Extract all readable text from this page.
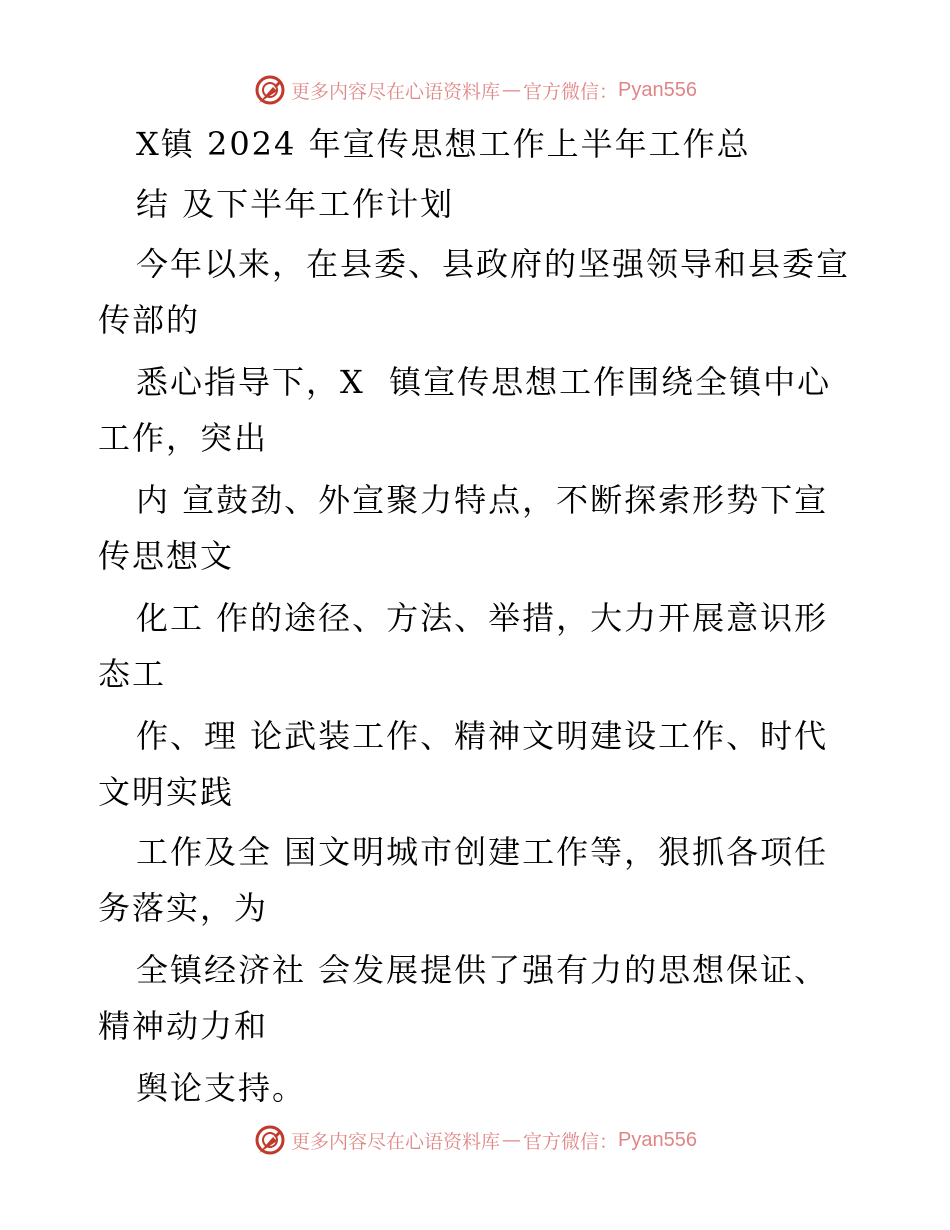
更多内容尽在心语资料库 — 官方微信： Pyan556
X镇 2024 年宣传思想工作上半年工作总
结 及下半年工作计划
今年以来，在县委、县政府的坚强领导和县委宣
传部的
悉心指导下，X  镇宣传思想工作围绕全镇中心
工作，突出
内 宣鼓劲、外宣聚力特点，不断探索形势下宣
传思想文
化工 作的途径、方法、举措，大力开展意识形
态工
作、理 论武装工作、精神文明建设工作、时代
文明实践
工作及全 国文明城市创建工作等，狠抓各项任
务落实，为
全镇经济社 会发展提供了强有力的思想保证、
精神动力和
舆论支持。
更多内容尽在心语资料库 — 官方微信： Pyan556
